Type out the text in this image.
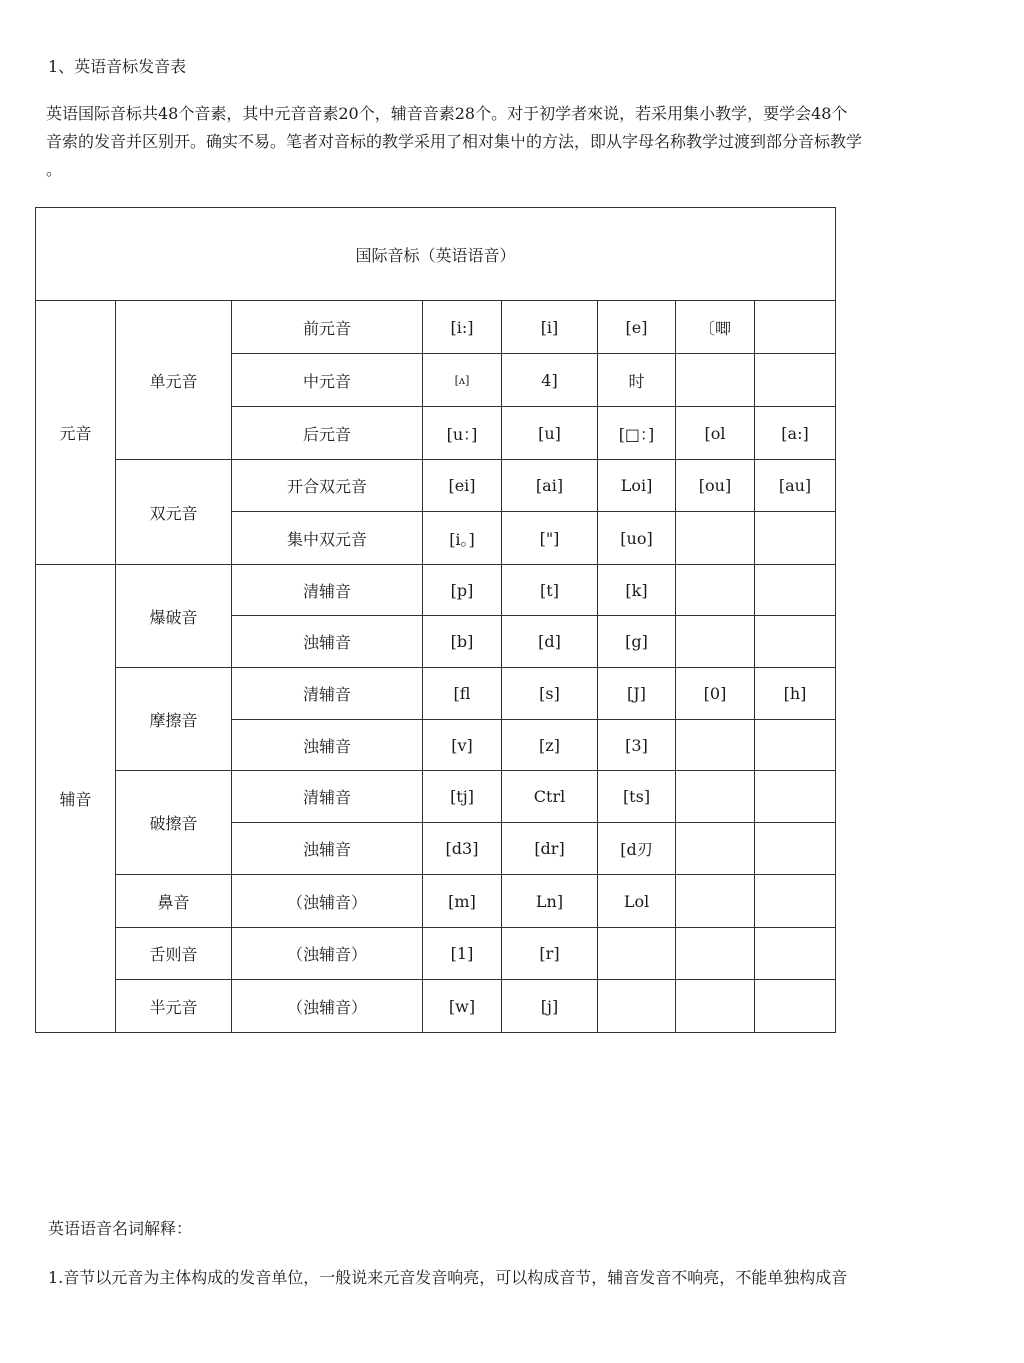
1、英语音标发音表

英语国际音标共48个音素，其中元音音素20个，辅音音素28个。对于初学者來说，若采用集小教学，要学会48个

音索的发音并区别开。确实不易。笔者对音标的教学采用了相对集屮的方法，即从字母名称教学过渡到部分音标教学

。

国际音标（英语语音）							
元音	单元音	前元音	[i:]	[i]	[e]	〔唧	
		中元音	[ʌ]	4]	时		
		后元音	[u：]	[u]	[□：]	[ol	[a:]
	双元音	开合双元音	[ei]	[ai]	Loi]	[ou]	[au]
		集中双元音	[i。]	["]	[uo]		
辅音	爆破音	清辅音	[p]	[t]	[k]		
		浊辅音	[b]	[d]	[g]		
	摩擦音	清辅音	[fl	[s]	[J]	[0]	[h]
		浊辅音	[v]	[z]	[3]		
	破擦音	清辅音	[tj]	Ctrl	[ts]		
		浊辅音	[d3]	[dr]	[d刃		
	鼻音	（浊辅音）	[m]	Ln]	Lol		
	舌则音	（浊辅音）	[1]	[r]			
	半元音	（浊辅音）	[w]	[j]			
英语语音名词解释：
1.音节以元音为主体构成的发音单位，一般说来元音发音响亮，可以构成音节，辅音发音不响亮，不能单独构成音
